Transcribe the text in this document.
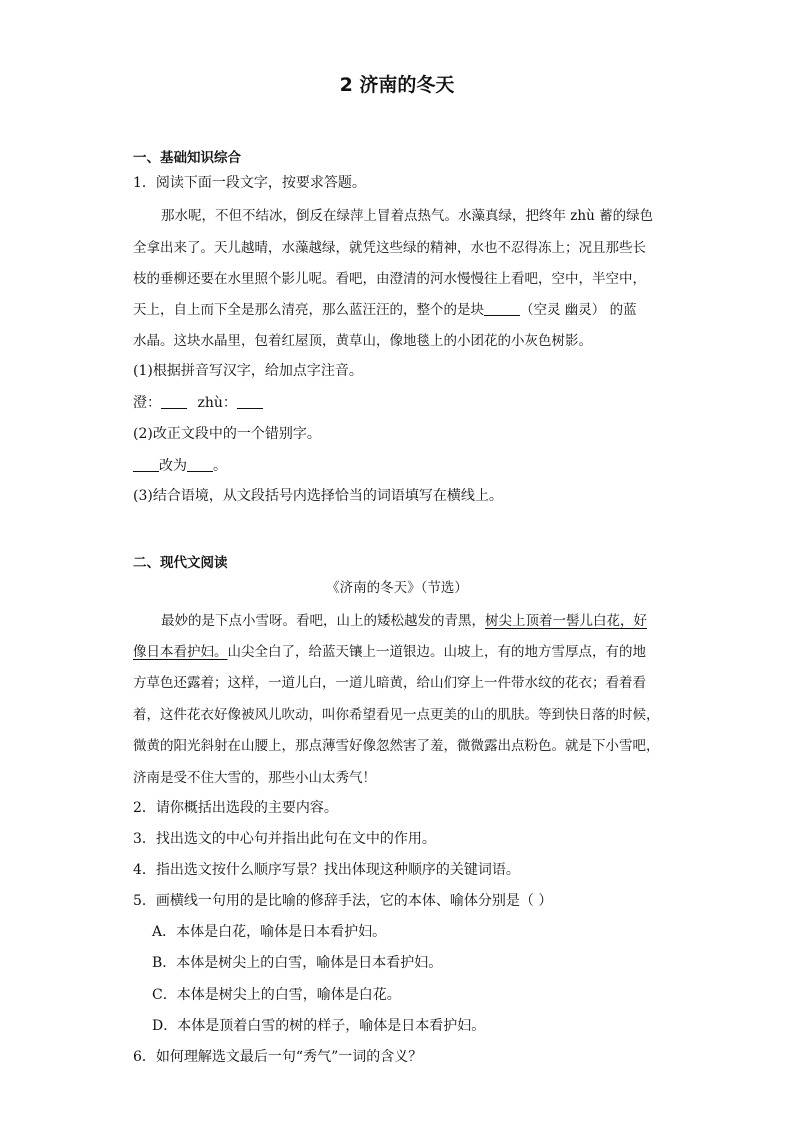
2 济南的冬天
一、基础知识综合
1．阅读下面一段文字，按要求答题。
那水呢，不但不结冰，倒反在绿萍上冒着点热气。水藻真绿，把终年 zhù 蓄的绿色
全拿出来了。天儿越晴，水藻越绿，就凭这些绿的精神，水也不忍得冻上；况且那些长
枝的垂柳还要在水里照个影儿呢。看吧，由澄清的河水慢慢往上看吧，空中，半空中，
天上，自上而下全是那么清亮，那么蓝汪汪的，整个的是块	（空灵 幽灵） 的蓝
水晶。这块水晶里，包着红屋顶，黄草山，像地毯上的小团花的小灰色树影。
(1)根据拼音写汉字，给加点字注音。
澄：	zhù：
(2)改正文段中的一个错别字。
改为 。
(3)结合语境，从文段括号内选择恰当的词语填写在横线上。
二、现代文阅读
《济南的冬天》（节选）
最妙的是下点小雪呀。看吧，山上的矮松越发的青黑，树尖上顶着一髻儿白花，好
像日本看护妇。山尖全白了，给蓝天镶上一道银边。山坡上，有的地方雪厚点，有的地
方草色还露着；这样，一道儿白，一道儿暗黄，给山们穿上一件带水纹的花衣；看着看
着，这件花衣好像被风儿吹动，叫你希望看见一点更美的山的肌肤。等到快日落的时候，
微黄的阳光斜射在山腰上，那点薄雪好像忽然害了羞，微微露出点粉色。就是下小雪吧，
济南是受不住大雪的，那些小山太秀气！
2．请你概括出选段的主要内容。
3．找出选文的中心句并指出此句在文中的作用。
4．指出选文按什么顺序写景？找出体现这种顺序的关键词语。
5．画横线一句用的是比喻的修辞手法，它的本体、喻体分别是（ ）
A．本体是白花，喻体是日本看护妇。
B．本体是树尖上的白雪，喻体是日本看护妇。
C．本体是树尖上的白雪，喻体是白花。
D．本体是顶着白雪的树的样子，喻体是日本看护妇。
6．如何理解选文最后一句“秀气”一词的含义？
